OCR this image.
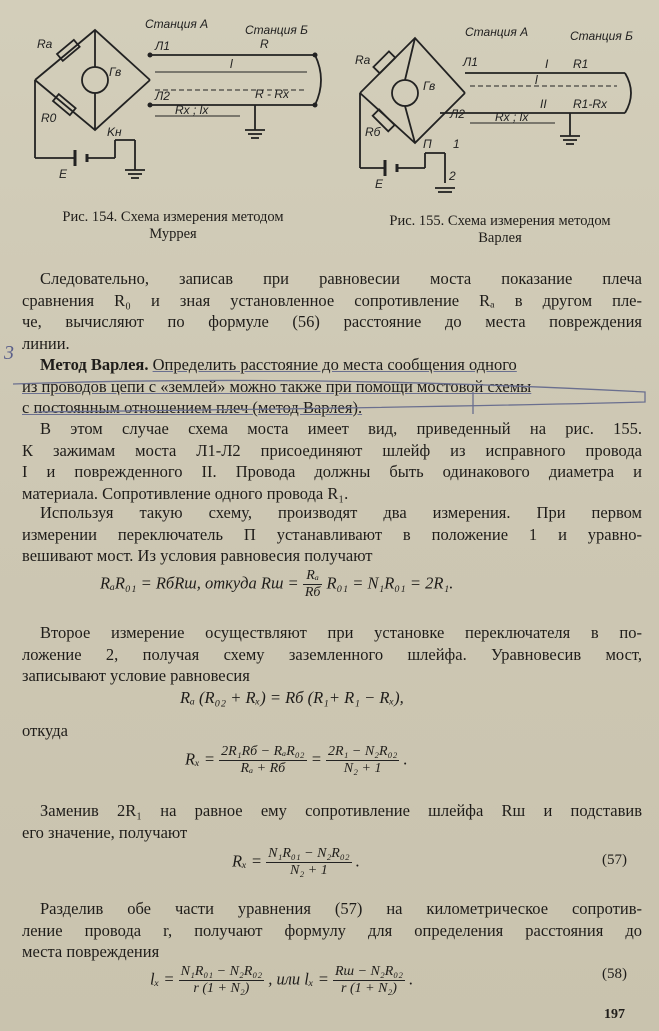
Станция А	Станция Б
Ra
R0
Гв
Л1
Л2
R
l
R - Rx
Rx ; lx
E
Kн
Рис. 154. Схема измерения методом
Муррея
Станция А	Станция Б
Ra
Rб
Гв
Л1
Л2
I R1
l
II R1-Rx
Rx ; lx
П 1
2
E
Рис. 155. Схема измерения методом
Варлея
Следовательно, записав при равновесии моста показание плеча
сравнения R₀ и зная установленное сопротивление Rₐ в другом пле-
че, вычисляют по формуле (56) расстояние до места повреждения
линии.
3
Метод Варлея. Определить расстояние до места сообщения одного
из проводов цепи с «землей» можно также при помощи мостовой схемы
с постоянным отношением плеч (метод Варлея).
В этом случае схема моста имеет вид, приведенный на рис. 155.
К зажимам моста Л1-Л2 присоединяют шлейф из исправного провода
I и поврежденного II. Провода должны быть одинакового диаметра и
материала. Сопротивление одного провода R₁.
Используя такую схему, производят два измерения. При первом
измерении переключатель П устанавливают в положение 1 и уравно-
вешивают мост. Из условия равновесия получают
RₐR₀₁ = RбRш, откуда Rш = $\frac{\text{Rₐ}}{Rб} R_{01} = N_1R_{01} = 2R_1$.
Второе измерение осуществляют при установке переключателя в по-
ложение 2, получая схему заземленного шлейфа. Уравновесив мост,
записывают условие равновесия
Rₐ (R₀₂ + Rₓ) = Rб (R₁+ R₁ − Rₓ),
откуда
$R_x = \frac{\text{2R₁Rб − RₐR₀₂}}{\text{Rₐ + Rб}} = \frac{\text{2R₁ − N₂R₀₂}}{\text{N₂ + 1}}$ .
Заменив 2R₁ на равное ему сопротивление шлейфа Rш и подставив
его значение, получают
$R_x = \frac{\text{N₁R₀₁ − N₂R₀₂}}{\text{N₂ + 1}}$ .	(57)
Разделив обе части уравнения (57) на километрическое сопротив-
ление провода r, получают формулу для определения расстояния до
места повреждения
$l_x = \frac{\text{N₁R₀₁ − N₂R₀₂}}{\text{r (1 + N₂)}}$ , или $l_x = \frac{\text{Rш − N₂R₀₂}}{\text{r (1 + N₂)}}$ .	(58)
197
